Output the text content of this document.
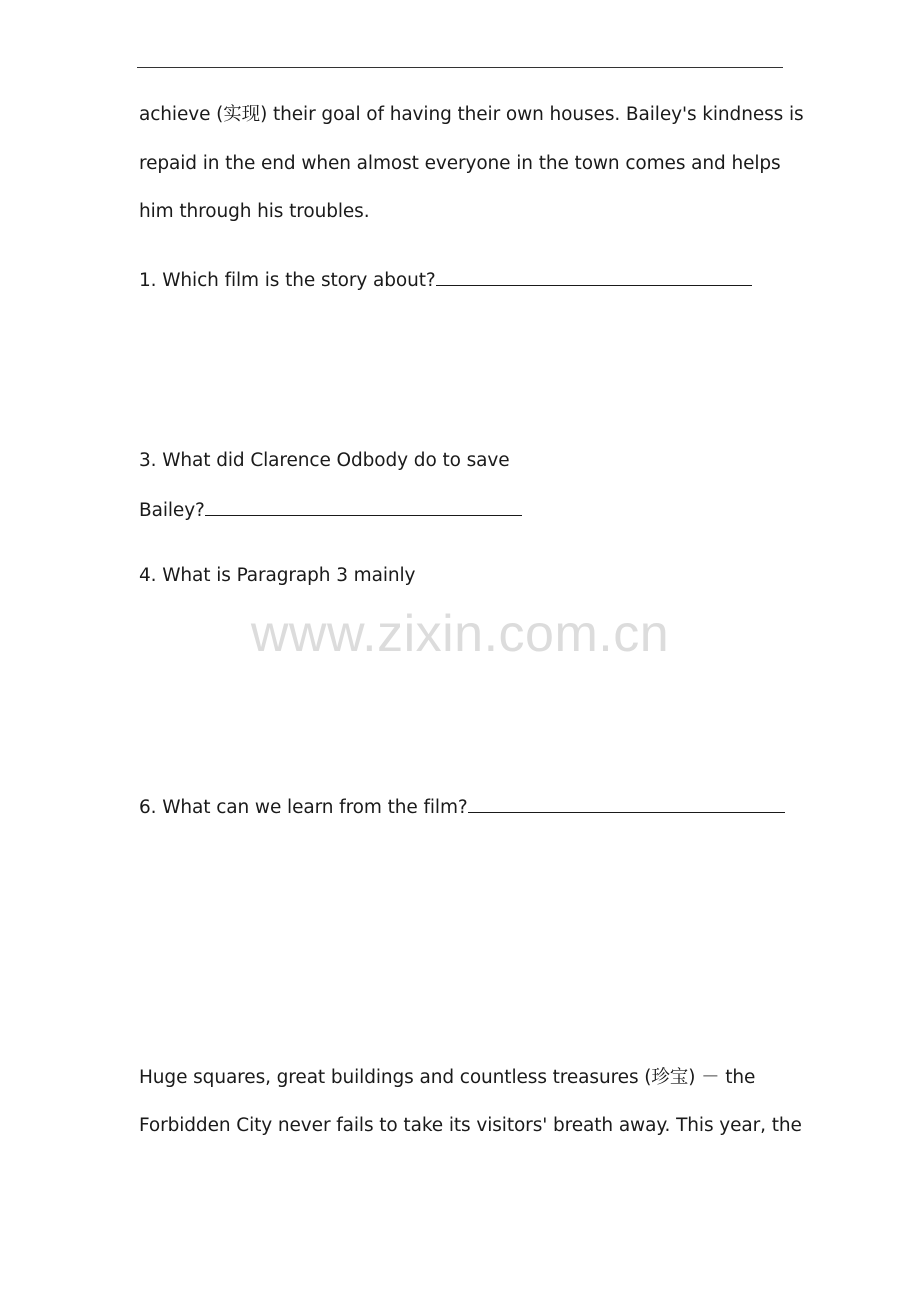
achieve (实现) their goal of having their own houses. Bailey's kindness is
repaid in the end when almost everyone in the town comes and helps
him through his troubles.
1. Which film is the story about?
3. What did Clarence Odbody do to save
Bailey?
4. What is Paragraph 3 mainly
www.zixin.com.cn
6. What can we learn from the film?
Huge squares, great buildings and countless treasures (珍宝) － the
Forbidden City never fails to take its visitors' breath away. This year, the
